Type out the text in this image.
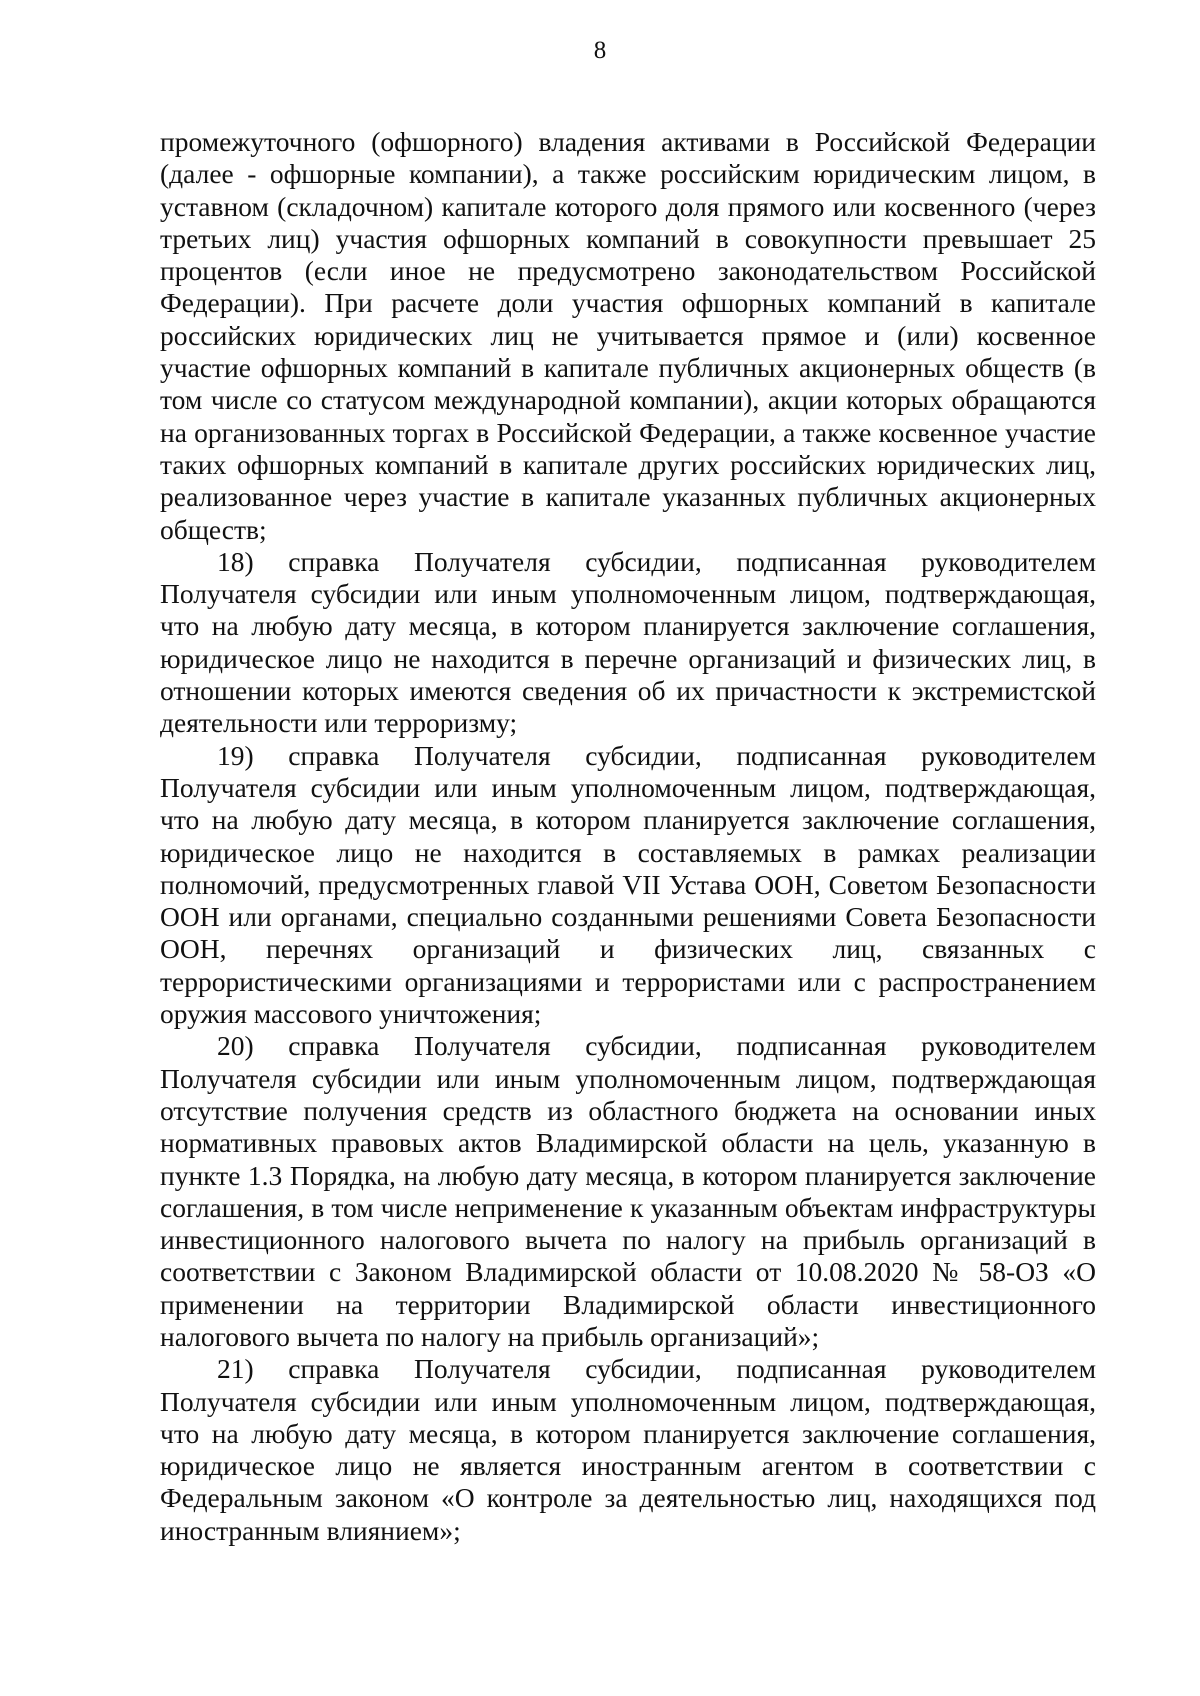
8

промежуточного (офшорного) владения активами в Российской Федерации (далее - офшорные компании), а также российским юридическим лицом, в уставном (складочном) капитале которого доля прямого или косвенного (через третьих лиц) участия офшорных компаний в совокупности превышает 25 процентов (если иное не предусмотрено законодательством Российской Федерации). При расчете доли участия офшорных компаний в капитале российских юридических лиц не учитывается прямое и (или) косвенное участие офшорных компаний в капитале публичных акционерных обществ (в том числе со статусом международной компании), акции которых обращаются на организованных торгах в Российской Федерации, а также косвенное участие таких офшорных компаний в капитале других российских юридических лиц, реализованное через участие в капитале указанных публичных акционерных обществ;

18) справка Получателя субсидии, подписанная руководителем Получателя субсидии или иным уполномоченным лицом, подтверждающая, что на любую дату месяца, в котором планируется заключение соглашения, юридическое лицо не находится в перечне организаций и физических лиц, в отношении которых имеются сведения об их причастности к экстремистской деятельности или терроризму;

19) справка Получателя субсидии, подписанная руководителем Получателя субсидии или иным уполномоченным лицом, подтверждающая, что на любую дату месяца, в котором планируется заключение соглашения, юридическое лицо не находится в составляемых в рамках реализации полномочий, предусмотренных главой VII Устава ООН, Советом Безопасности ООН или органами, специально созданными решениями Совета Безопасности ООН, перечнях организаций и физических лиц, связанных с террористическими организациями и террористами или с распространением оружия массового уничтожения;

20) справка Получателя субсидии, подписанная руководителем Получателя субсидии или иным уполномоченным лицом, подтверждающая отсутствие получения средств из областного бюджета на основании иных нормативных правовых актов Владимирской области на цель, указанную в пункте 1.3 Порядка, на любую дату месяца, в котором планируется заключение соглашения, в том числе неприменение к указанным объектам инфраструктуры инвестиционного налогового вычета по налогу на прибыль организаций в соответствии с Законом Владимирской области от 10.08.2020 № 58-ОЗ «О применении на территории Владимирской области инвестиционного налогового вычета по налогу на прибыль организаций»;

21) справка Получателя субсидии, подписанная руководителем Получателя субсидии или иным уполномоченным лицом, подтверждающая, что на любую дату месяца, в котором планируется заключение соглашения, юридическое лицо не является иностранным агентом в соответствии с Федеральным законом «О контроле за деятельностью лиц, находящихся под иностранным влиянием»;
